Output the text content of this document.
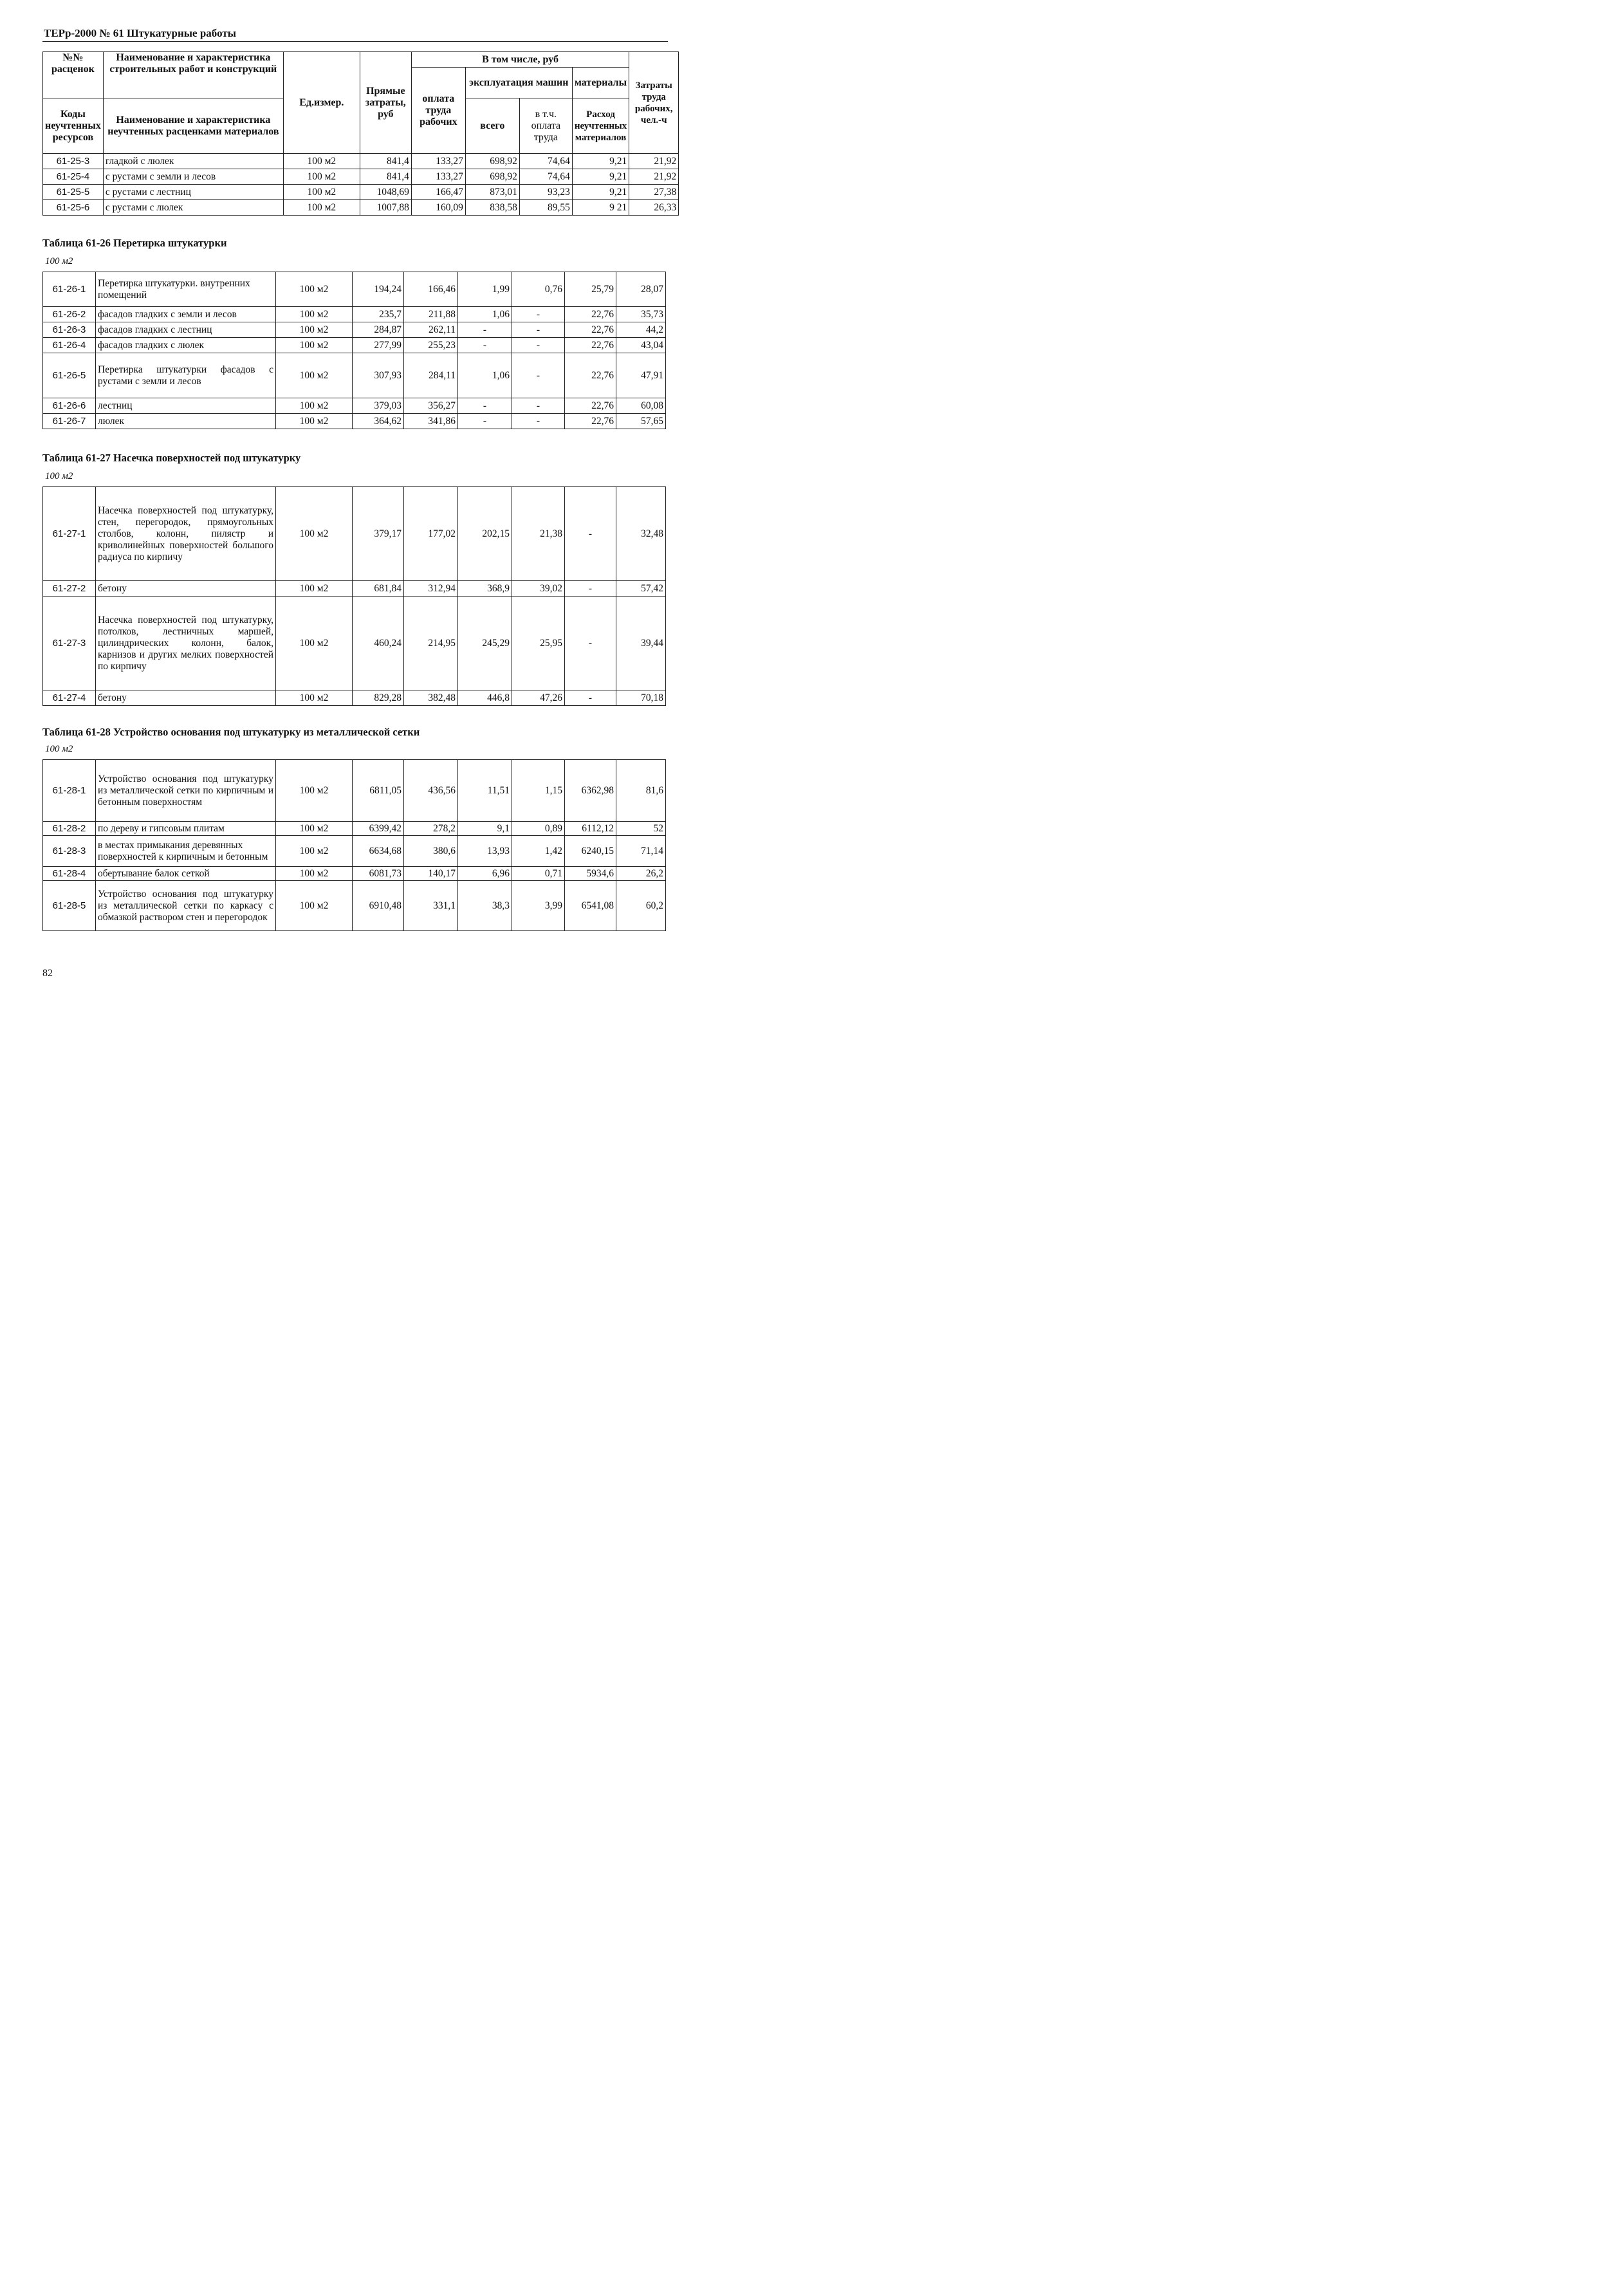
ТЕРр-2000 № 61 Штукатурные работы
№№ расценок	Наименование и характеристика строительных работ и конструкций	Ед.измер.	Прямые затраты, руб	В том числе, руб				Затраты труда рабочих, чел.-ч
				оплата труда рабочих	эксплуатация машин		материалы	

Коды неучтенных ресурсов	Наименование и характеристика неучтенных расценками материалов				всего	в т.ч. оплата труда	Расход неучтенных материалов	

61-25-3	гладкой с люлек	100 м2	841,4	133,27	698,92	74,64	9,21	21,92
61-25-4	с рустами с земли и лесов	100 м2	841,4	133,27	698,92	74,64	9,21	21,92
61-25-5	с рустами с лестниц	100 м2	1048,69	166,47	873,01	93,23	9,21	27,38
61-25-6	с рустами с люлек	100 м2	1007,88	160,09	838,58	89,55	9 21	26,33
Таблица 61-26 Перетирка штукатурки
100 м2
61-26-1	Перетирка штукатурки. внутренних помещений	100 м2	194,24	166,46	1,99	0,76	25,79	28,07
61-26-2	фасадов гладких с земли и лесов	100 м2	235,7	211,88	1,06	-	22,76	35,73
61-26-3	фасадов гладких с лестниц	100 м2	284,87	262,11	-	-	22,76	44,2
61-26-4	фасадов гладких с люлек	100 м2	277,99	255,23	-	-	22,76	43,04
61-26-5	Перетирка штукатурки фасадов с рустами с земли и лесов	100 м2	307,93	284,11	1,06	-	22,76	47,91
61-26-6	лестниц	100 м2	379,03	356,27	-	-	22,76	60,08
61-26-7	люлек	100 м2	364,62	341,86	-	-	22,76	57,65
Таблица 61-27 Насечка поверхностей под штукатурку
100 м2
61-27-1	Насечка поверхностей под штукатурку, стен, перегородок, прямоугольных столбов, колонн, пилястр и криволинейных поверхностей большого радиуса по кирпичу	100 м2	379,17	177,02	202,15	21,38	-	32,48
61-27-2	бетону	100 м2	681,84	312,94	368,9	39,02	-	57,42
61-27-3	Насечка поверхностей под штукатурку, потолков, лестничных маршей, цилиндрических колонн, балок, карнизов и других мелких поверхностей по кирпичу	100 м2	460,24	214,95	245,29	25,95	-	39,44
61-27-4	бетону	100 м2	829,28	382,48	446,8	47,26	-	70,18
Таблица 61-28 Устройство основания под штукатурку из металлической сетки
100 м2
61-28-1	Устройство основания под штукатурку из металлической сетки по кирпичным и бетонным поверхностям	100 м2	6811,05	436,56	11,51	1,15	6362,98	81,6
61-28-2	по дереву и гипсовым плитам	100 м2	6399,42	278,2	9,1	0,89	6112,12	52
61-28-3	в местах примыкания деревянных поверхностей к кирпичным и бетонным	100 м2	6634,68	380,6	13,93	1,42	6240,15	71,14
61-28-4	обертывание балок сеткой	100 м2	6081,73	140,17	6,96	0,71	5934,6	26,2
61-28-5	Устройство основания под штукатурку из металлической сетки по каркасу с обмазкой раствором стен и перегородок	100 м2	6910,48	331,1	38,3	3,99	6541,08	60,2
82
